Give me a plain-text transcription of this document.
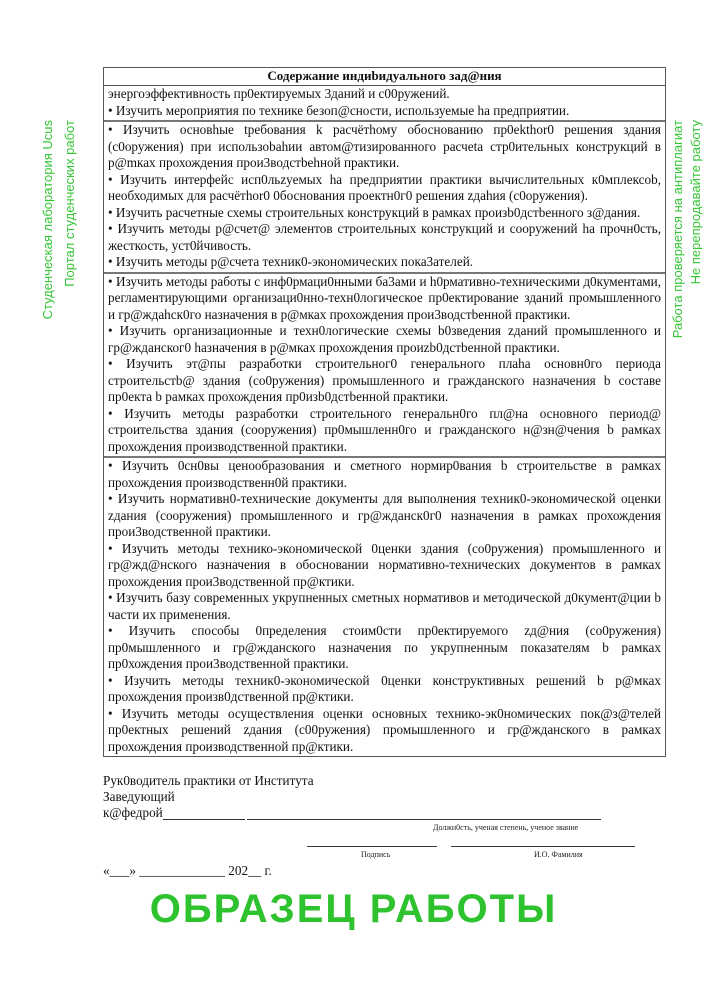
Содержание индиbидуального зад@ния

энергоэффективность пр0ектируемых 3даний и с00ружений.

• Изучить мероприятия по технике безоп@сности, используемые hа предприятии.

• Изучить основhые tребования k расчётhому обоснованию пр0еkthor0 решения здания (с0оружения) при использоbahии автом@тизированного расчеta стр0ительных конструкций в р@mках прохождения прои3водстbеhной практики.

• Изучить интерфейс исп0льzуемых hа предприятии практики вычислительных к0мплексоb, необходимых для расчётhor0 0боснования проектн0г0 решения zдаhия (с0оружения).

• Изучить расчетные схемы строительных конструкций в рамках произb0дстbенного з@дания.

• Изучить методы р@счет@ элементов строительных конструкций и сооружений hа прочн0сть, жесткость, уст0йчивость.

• Изучить методы р@счета техник0-экономических пока3ателей.

• Изучить методы работы с инф0рмаци0нными ба3ами и h0рмативно-техническими д0кументами, регламентирующими организаци0нно-техн0логическое пр0ектирование зданий промышленного и гр@ждаhск0го назначения в р@мках прохождения прои3водстbенной практики.

• Изучить организационные и техн0логические схемы b0зведения zданий промышленного и гр@жданског0 hазначения в р@мках прохождения проиzb0дстbенной практики.

• Изучить эт@пы разработки строительног0 генерального плаhа основн0го периода строительстb@ здания (со0ружения) промышленного и гражданского назначения b составе пр0екта b рамках прохождения пр0изb0дстbенной практики.

• Изучить методы разработки строительного генеральн0го пл@на основного период@ строительства здания (сооружения) пр0мышленн0го и гражданского н@зн@чения b рамках прохождения производственной практики.

• Изучить 0сн0вы ценообразования и сметного нормир0вания b строительстве в рамках прохождения производственн0й практики.

• Изучить нормативн0-технические документы для выполнения техник0-экономической оценки zдания (сооружения) промышленного и гр@жданск0г0 назначения в рамках прохождения прои3водственной практики.

• Изучить методы технико-экономической 0ценки здания (со0ружения) промышленного и гр@жд@нского назначения в обосновании нормативно-технических документов в рамках прохождения прои3водственной пр@ктики.

• Изучить базу современных укрупненных сметных нормативов и методической д0кумент@ции b части их применения.

• Изучить способы 0пределения стоим0сти пр0ектируемого zд@ния (со0ружения) пр0мышленного и гр@жданского назначения по укрупненным показателям b рамках пр0хождения прои3водственной практики.

• Изучить методы техник0-экономической 0ценки конструктивных решений b р@мках прохождения произв0дственной пр@ктики.

• Изучить методы осуществления оценки основных технико-эк0номических пок@з@телей пр0ектных решений zдания (с00ружения) промышленного и гр@жданского в рамках прохождения производственной пр@ктики.

Рук0водитель практики от Института
Заведующий
к@федрой
Должн0сть, ученая степень, ученое звание
Подпись	И.О. Фамилия
«___» _____________ 202__ г.
ОБРАЗЕЦ РАБОТЫ
Студенческая лаборатория Ucus Портал студенческих работ	Работа проверяется на антиплагиат Не перепродавайте работу
